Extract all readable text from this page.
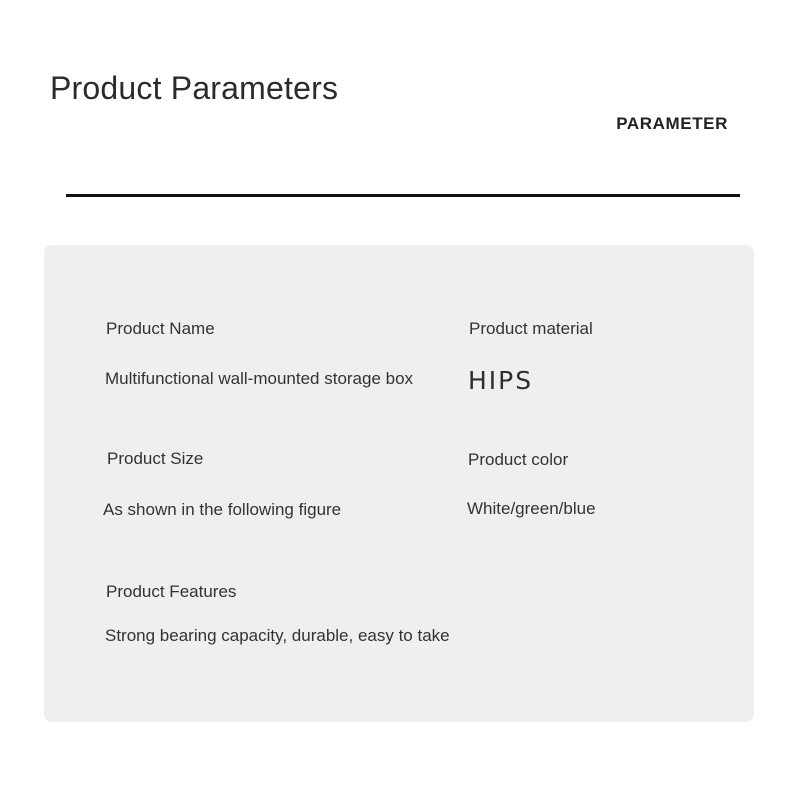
Product Parameters
PARAMETER
Product Name
Multifunctional wall-mounted storage box
Product material
HIPS
Product Size
As shown in the following figure
Product color
White/green/blue
Product Features
Strong bearing capacity, durable, easy to take
